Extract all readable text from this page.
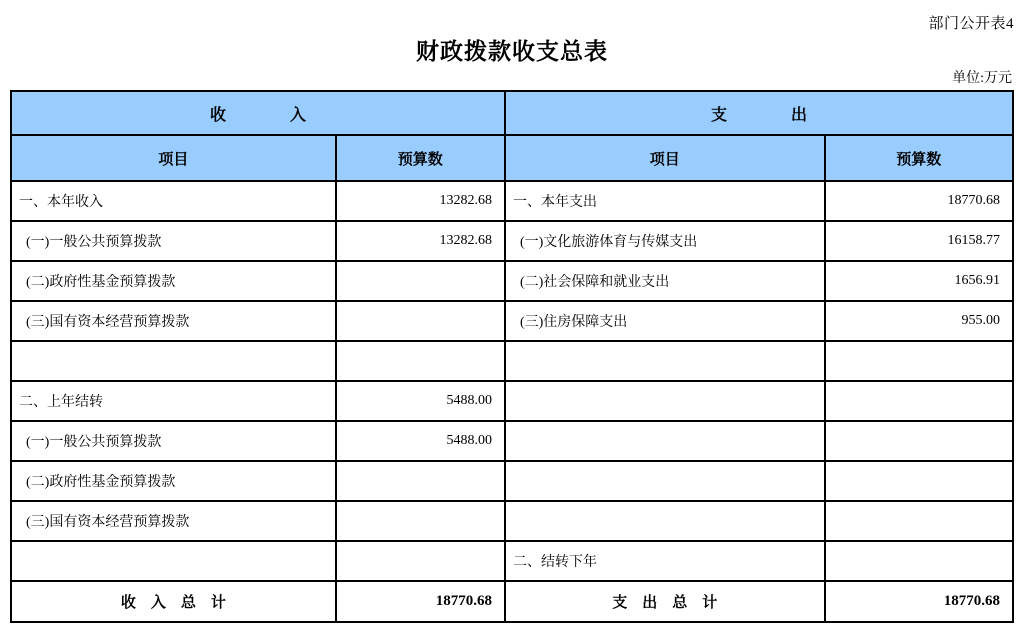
部门公开表4
财政拨款收支总表
单位:万元
收　　　　入		支　　　　出	
项目	预算数	项目	预算数
一、本年收入	13282.68	一、本年支出	18770.68
(一)一般公共预算拨款	13282.68	(一)文化旅游体育与传媒支出	16158.77
(二)政府性基金预算拨款		(二)社会保障和就业支出	1656.91
(三)国有资本经营预算拨款		(三)住房保障支出	955.00

二、上年结转	5488.00		
(一)一般公共预算拨款	5488.00		
(二)政府性基金预算拨款			
(三)国有资本经营预算拨款			
		二、结转下年	
收　入　总　计	18770.68	支　出　总　计	18770.68
